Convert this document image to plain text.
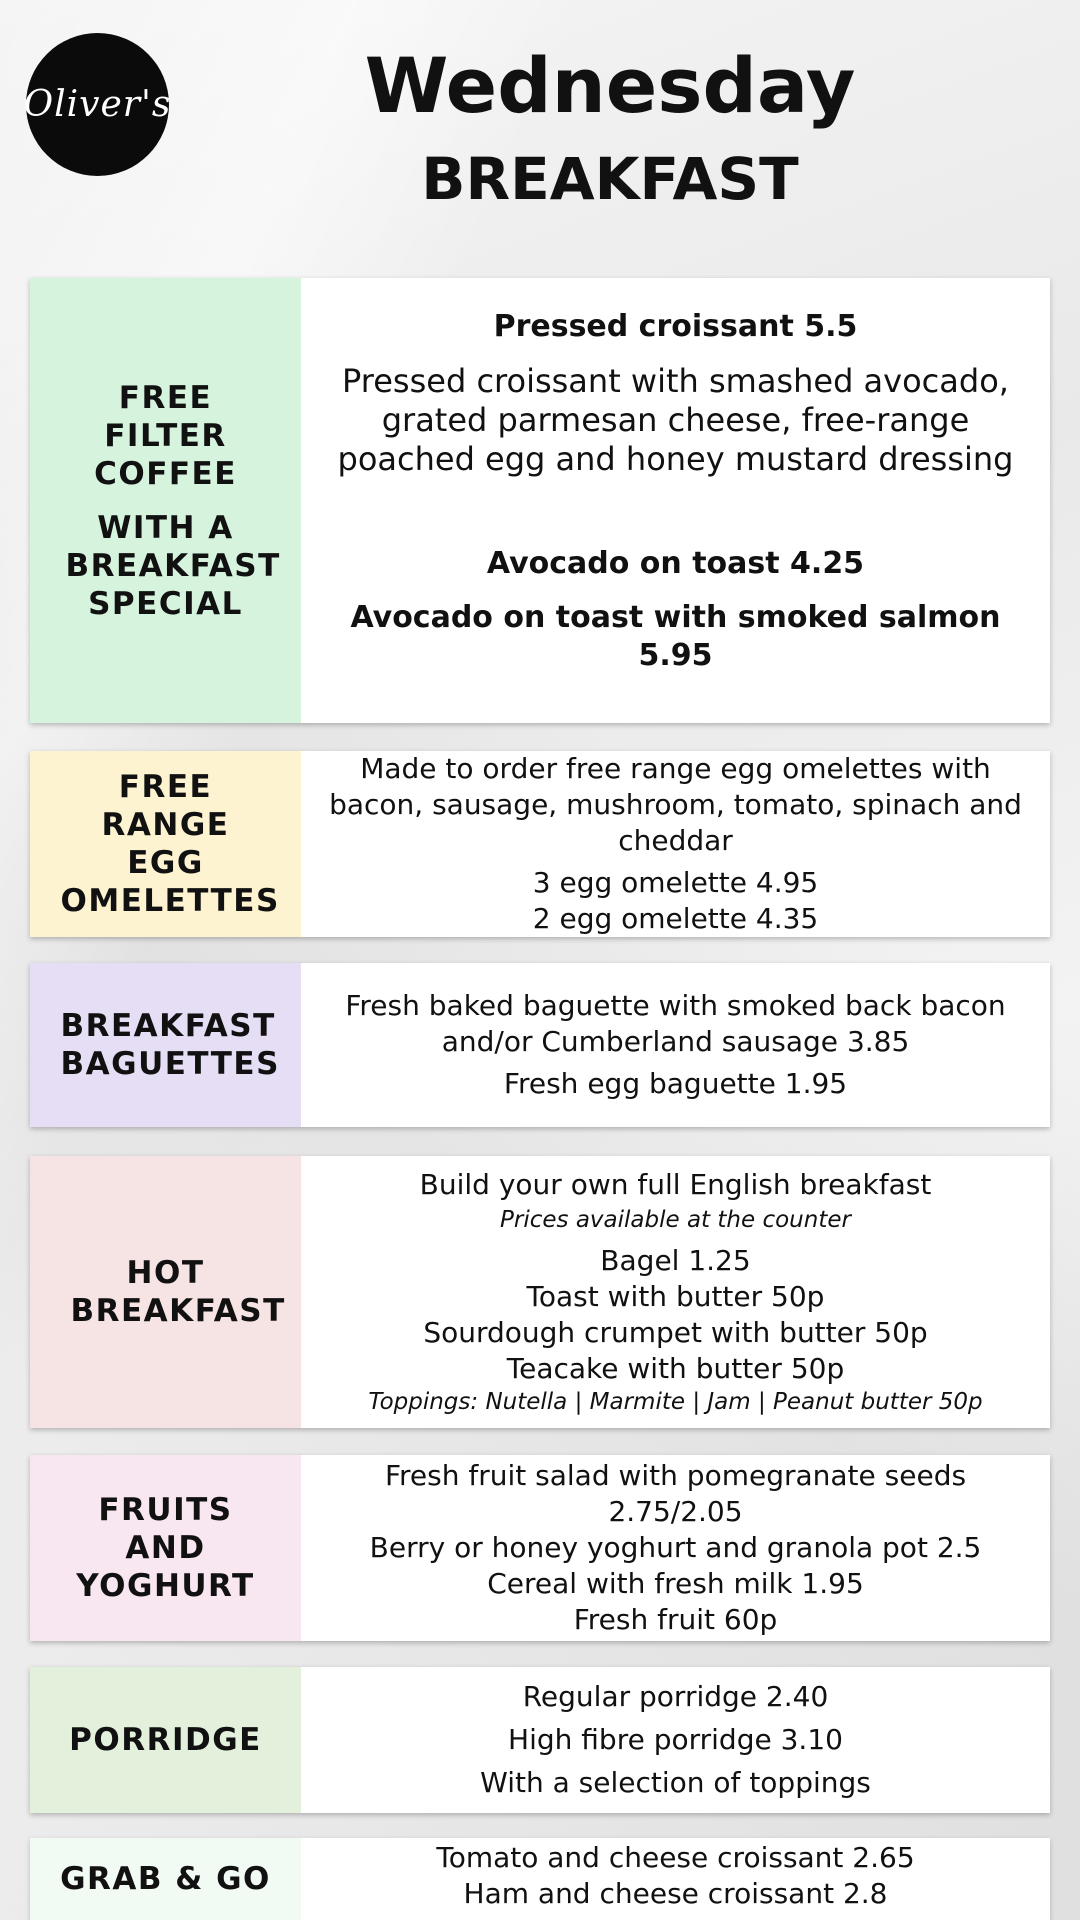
Oliver's	Wednesday
BREAKFAST

FREE FILTER COFFEE

WITH A BREAKFAST SPECIAL

Pressed croissant 5.5

Pressed croissant with smashed avocado, grated parmesan cheese, free-range poached egg and honey mustard dressing

Avocado on toast 4.25

Avocado on toast with smoked salmon 5.95

FREE RANGE EGG OMELETTES

Made to order free range egg omelettes with bacon, sausage, mushroom, tomato, spinach and cheddar

3 egg omelette 4.95

2 egg omelette 4.35

BREAKFAST BAGUETTES

Fresh baked baguette with smoked back bacon and/or Cumberland sausage 3.85

Fresh egg baguette 1.95

HOT BREAKFAST

Build your own full English breakfast

Prices available at the counter

Bagel 1.25

Toast with butter 50p

Sourdough crumpet with butter 50p

Teacake with butter 50p

Toppings: Nutella | Marmite | Jam | Peanut butter 50p

FRUITS AND YOGHURT

Fresh fruit salad with pomegranate seeds 2.75/2.05

Berry or honey yoghurt and granola pot 2.5

Cereal with fresh milk 1.95

Fresh fruit 60p

PORRIDGE

Regular porridge 2.40

High fibre porridge 3.10

With a selection of toppings

GRAB & GO

Tomato and cheese croissant 2.65

Ham and cheese croissant 2.8
